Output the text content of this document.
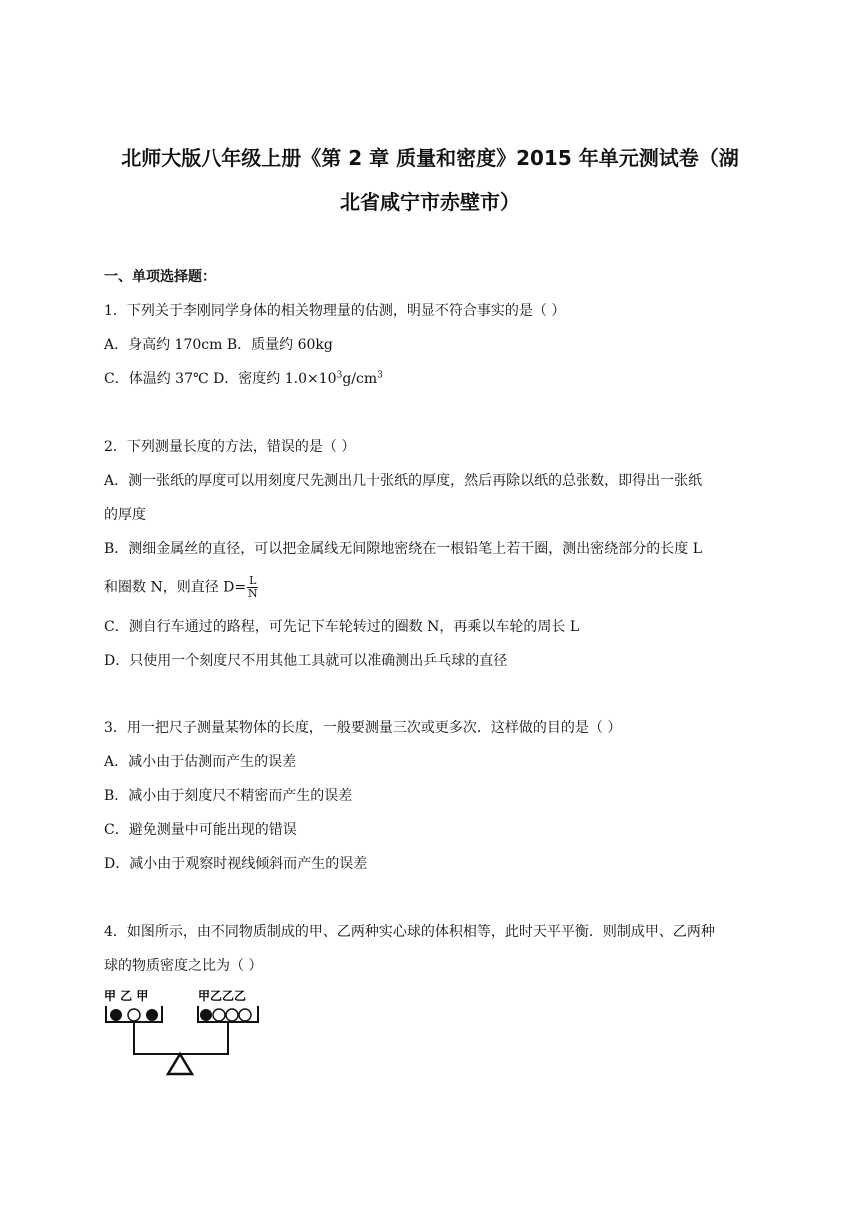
北师大版八年级上册《第 2 章 质量和密度》2015 年单元测试卷（湖
北省咸宁市赤壁市）
一、单项选择题：
1．下列关于李刚同学身体的相关物理量的估测，明显不符合事实的是（ ）
A．身高约 170cm B．质量约 60kg
C．体温约 37℃ D．密度约 $1.0\times 10^3g/cm^3$
2．下列测量长度的方法，错误的是（ ）
A．测一张纸的厚度可以用刻度尺先测出几十张纸的厚度，然后再除以纸的总张数，即得出一张纸
的厚度
B．测细金属丝的直径，可以把金属线无间隙地密绕在一根铅笔上若干圈，测出密绕部分的长度 L
和圈数 N，则直径 $D= \frac{L}{N}$
C．测自行车通过的路程，可先记下车轮转过的圈数 N，再乘以车轮的周长 L
D．只使用一个刻度尺不用其他工具就可以准确测出乒乓球的直径
3．用一把尺子测量某物体的长度，一般要测量三次或更多次．这样做的目的是（ ）
A．减小由于估测而产生的误差
B．减小由于刻度尺不精密而产生的误差
C．避免测量中可能出现的错误
D．减小由于观察时视线倾斜而产生的误差
4．如图所示，由不同物质制成的甲、乙两种实心球的体积相等，此时天平平衡．则制成甲、乙两种
球的物质密度之比为（ ）
甲 乙 甲	甲乙乙乙
